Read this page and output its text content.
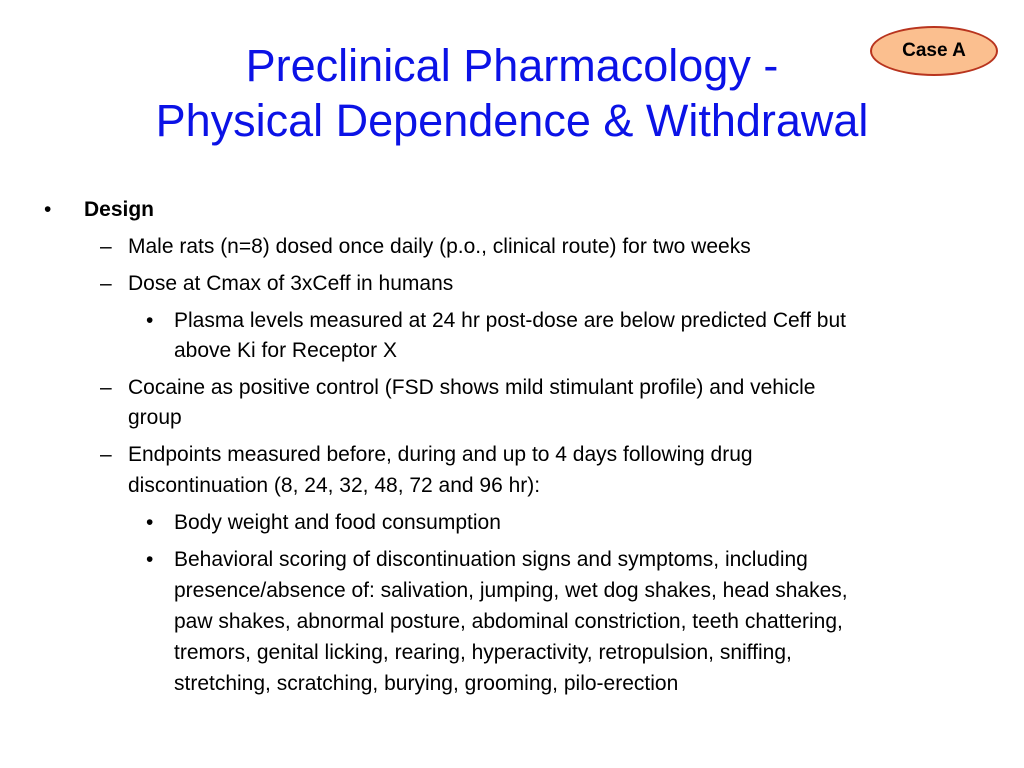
Case A
Preclinical Pharmacology -
Physical Dependence & Withdrawal
• Design
– Male rats (n=8) dosed once daily (p.o., clinical route) for two weeks
– Dose at Cmax of 3xCeff in humans
• Plasma levels measured at 24 hr post-dose are below predicted Ceff but
above Ki for Receptor X
– Cocaine as positive control (FSD shows mild stimulant profile) and vehicle
group
– Endpoints measured before, during and up to 4 days following drug
discontinuation (8, 24, 32, 48, 72 and 96 hr):
• Body weight and food consumption
• Behavioral scoring of discontinuation signs and symptoms, including
presence/absence of: salivation, jumping, wet dog shakes, head shakes,
paw shakes, abnormal posture, abdominal constriction, teeth chattering,
tremors, genital licking, rearing, hyperactivity, retropulsion, sniffing,
stretching, scratching, burying, grooming, pilo-erection
